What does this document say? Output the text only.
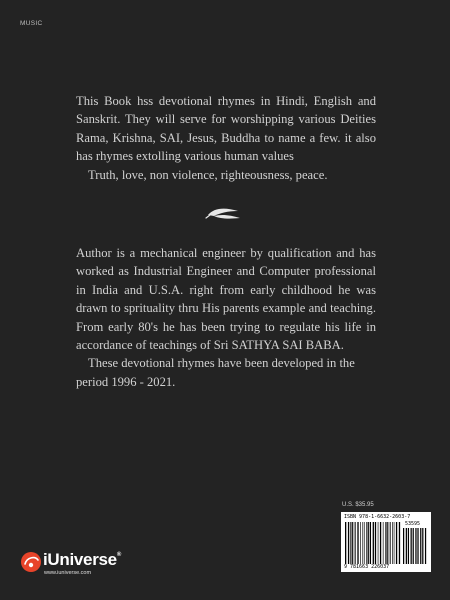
MUSIC

This Book hss devotional rhymes in Hindi, English and Sanskrit. They will serve for worshipping various Deities Rama, Krishna, SAI, Jesus, Buddha to name a few. it also has rhymes extolling various human values

Truth, love, non violence, righteousness, peace.

Author is a mechanical engineer by qualification and has worked as Industrial Engineer and Computer professional in India and U.S.A. right from early childhood he was drawn to sprituality thru His parents example and teaching. From early 80's he has been trying to regulate his life in accordance of teachings of Sri SATHYA SAI BABA.

These devotional rhymes have been developed in the period 1996 - 2021.

U.S. $35.95
ISBN 978-1-6632-2603-7
53595
9 781663 226037
iUniverse®
www.iuniverse.com
